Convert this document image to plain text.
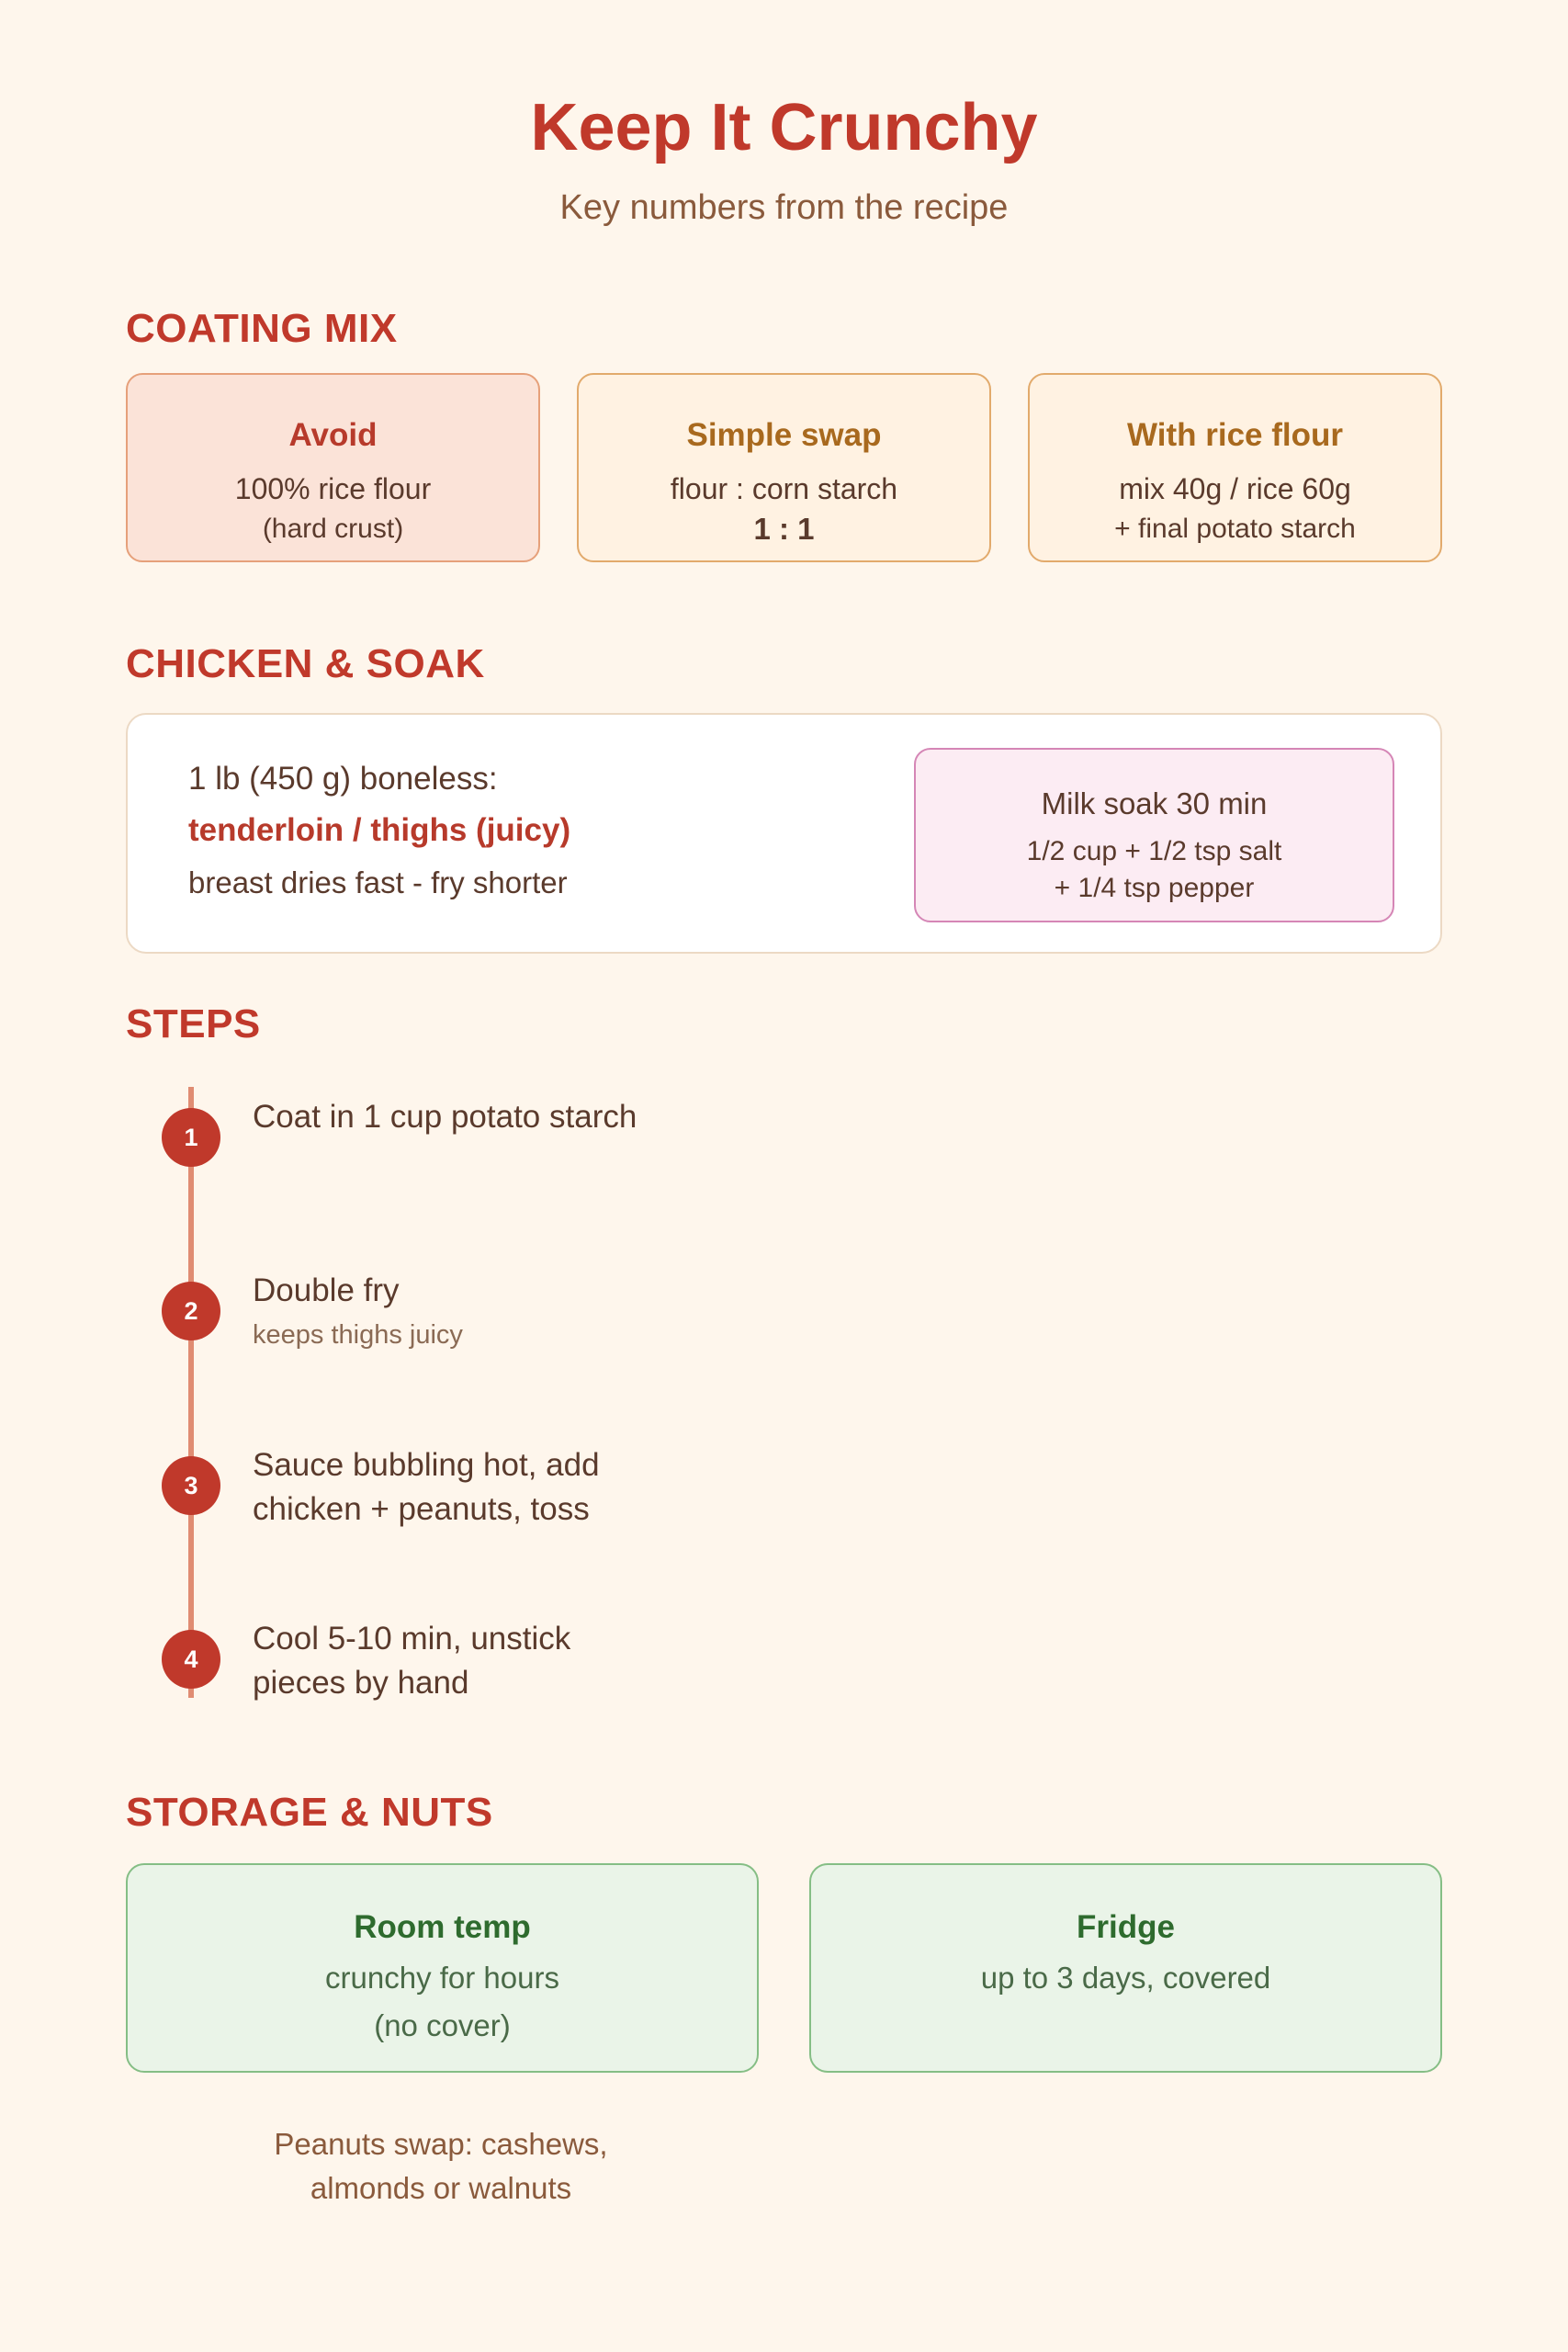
Keep It Crunchy
Key numbers from the recipe
COATING MIX
Avoid
100% rice flour
(hard crust)
Simple swap
flour : corn starch
1 : 1
With rice flour
mix 40g / rice 60g
+ final potato starch
CHICKEN & SOAK
1 lb (450 g) boneless:
tenderloin / thighs (juicy)
breast dries fast - fry shorter
Milk soak 30 min
1/2 cup + 1/2 tsp salt
+ 1/4 tsp pepper
STEPS
1
Coat in 1 cup potato starch
2
Double fry
keeps thighs juicy
3
Sauce bubbling hot, add chicken + peanuts, toss
4
Cool 5-10 min, unstick pieces by hand
STORAGE & NUTS
Room temp
crunchy for hours
(no cover)
Fridge
up to 3 days, covered
Peanuts swap: cashews,
almonds or walnuts
